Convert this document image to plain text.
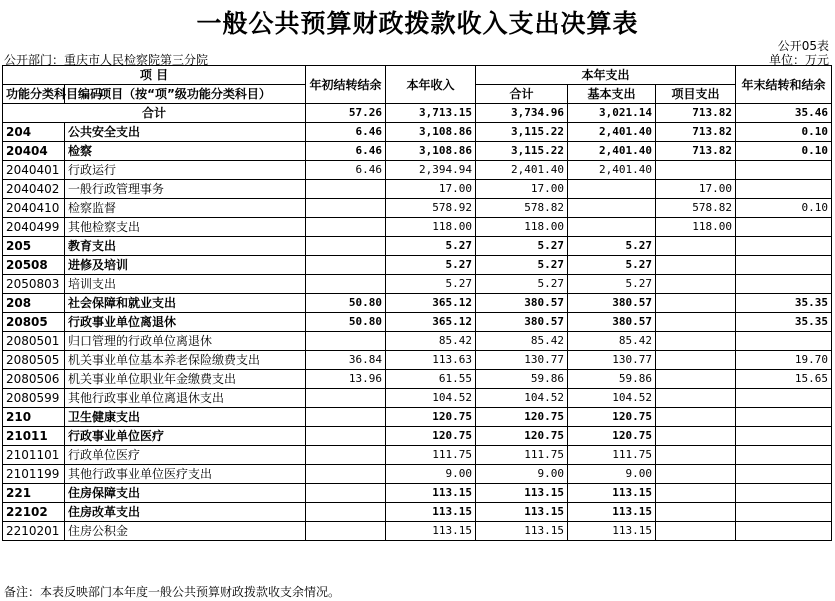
一般公共预算财政拨款收入支出决算表
公开05表
公开部门：重庆市人民检察院第三分院	单位：万元
项 目		年初结转结余	本年收入	本年支出			年末结转和结余
功能分类科目编码	项目（按“项”级功能分类科目）			合计	基本支出	项目支出	
合计		57.26	3,713.15	3,734.96	3,021.14	713.82	35.46
204	公共安全支出	6.46	3,108.86	3,115.22	2,401.40	713.82	0.10
20404	检察	6.46	3,108.86	3,115.22	2,401.40	713.82	0.10
2040401	行政运行	6.46	2,394.94	2,401.40	2,401.40		
2040402	一般行政管理事务		17.00	17.00		17.00	
2040410	检察监督		578.92	578.82		578.82	0.10
2040499	其他检察支出		118.00	118.00		118.00	
205	教育支出		5.27	5.27	5.27		
20508	进修及培训		5.27	5.27	5.27		
2050803	培训支出		5.27	5.27	5.27		
208	社会保障和就业支出	50.80	365.12	380.57	380.57		35.35
20805	行政事业单位离退休	50.80	365.12	380.57	380.57		35.35
2080501	归口管理的行政单位离退休		85.42	85.42	85.42		
2080505	机关事业单位基本养老保险缴费支出	36.84	113.63	130.77	130.77		19.70
2080506	机关事业单位职业年金缴费支出	13.96	61.55	59.86	59.86		15.65
2080599	其他行政事业单位离退休支出		104.52	104.52	104.52		
210	卫生健康支出		120.75	120.75	120.75		
21011	行政事业单位医疗		120.75	120.75	120.75		
2101101	行政单位医疗		111.75	111.75	111.75		
2101199	其他行政事业单位医疗支出		9.00	9.00	9.00		
221	住房保障支出		113.15	113.15	113.15		
22102	住房改革支出		113.15	113.15	113.15		
2210201	住房公积金		113.15	113.15	113.15		
备注：本表反映部门本年度一般公共预算财政拨款收支余情况。
